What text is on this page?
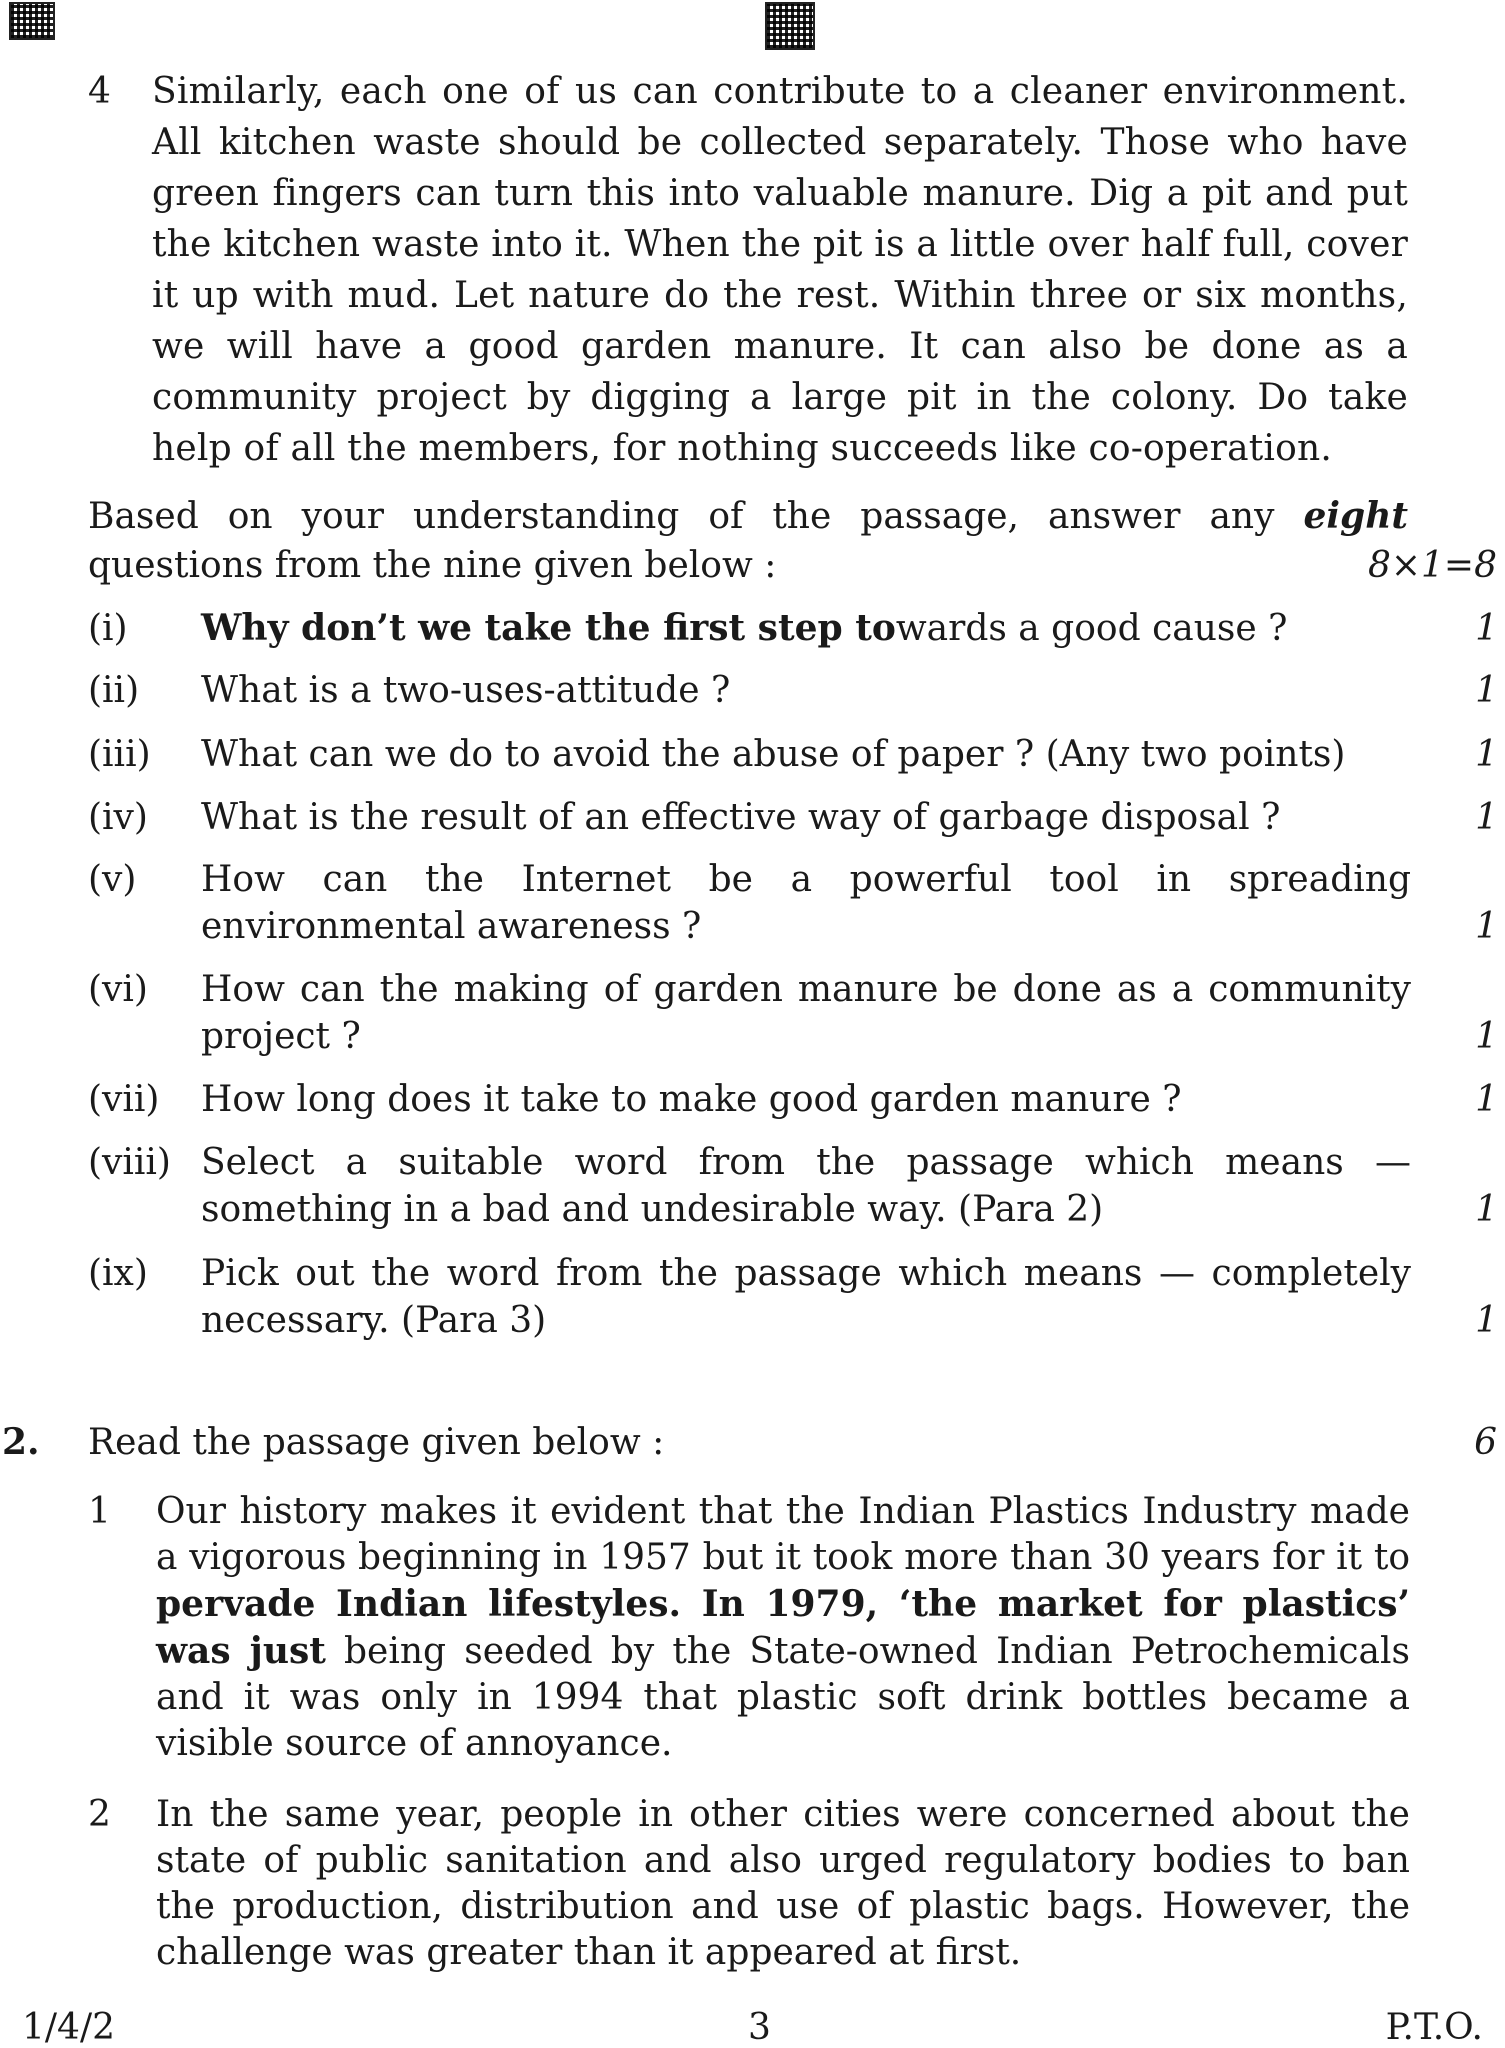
4 Similarly, each one of us can contribute to a cleaner environment. All kitchen waste should be collected separately. Those who have green fingers can turn this into valuable manure. Dig a pit and put the kitchen waste into it. When the pit is a little over half full, cover it up with mud. Let nature do the rest. Within three or six months, we will have a good garden manure. It can also be done as a community project by digging a large pit in the colony. Do take help of all the members, for nothing succeeds like co-operation.
Based on your understanding of the passage, answer any eight questions from the nine given below :	8×1=8
(i) Why don’t we take the first step towards a good cause ?	1
(ii) What is a two-uses-attitude ?	1
(iii) What can we do to avoid the abuse of paper ? (Any two points)	1
(iv) What is the result of an effective way of garbage disposal ?	1
(v) How can the Internet be a powerful tool in spreading environmental awareness ?	1
(vi) How can the making of garden manure be done as a community project ?	1
(vii) How long does it take to make good garden manure ?	1
(viii) Select a suitable word from the passage which means — something in a bad and undesirable way. (Para 2)	1
(ix) Pick out the word from the passage which means — completely necessary. (Para 3)	1
2. Read the passage given below :	6
1 Our history makes it evident that the Indian Plastics Industry made a vigorous beginning in 1957 but it took more than 30 years for it to pervade Indian lifestyles. In 1979, ‘the market for plastics’ was just being seeded by the State-owned Indian Petrochemicals and it was only in 1994 that plastic soft drink bottles became a visible source of annoyance.
2 In the same year, people in other cities were concerned about the state of public sanitation and also urged regulatory bodies to ban the production, distribution and use of plastic bags. However, the challenge was greater than it appeared at first.
1/4/2	3	P.T.O.
